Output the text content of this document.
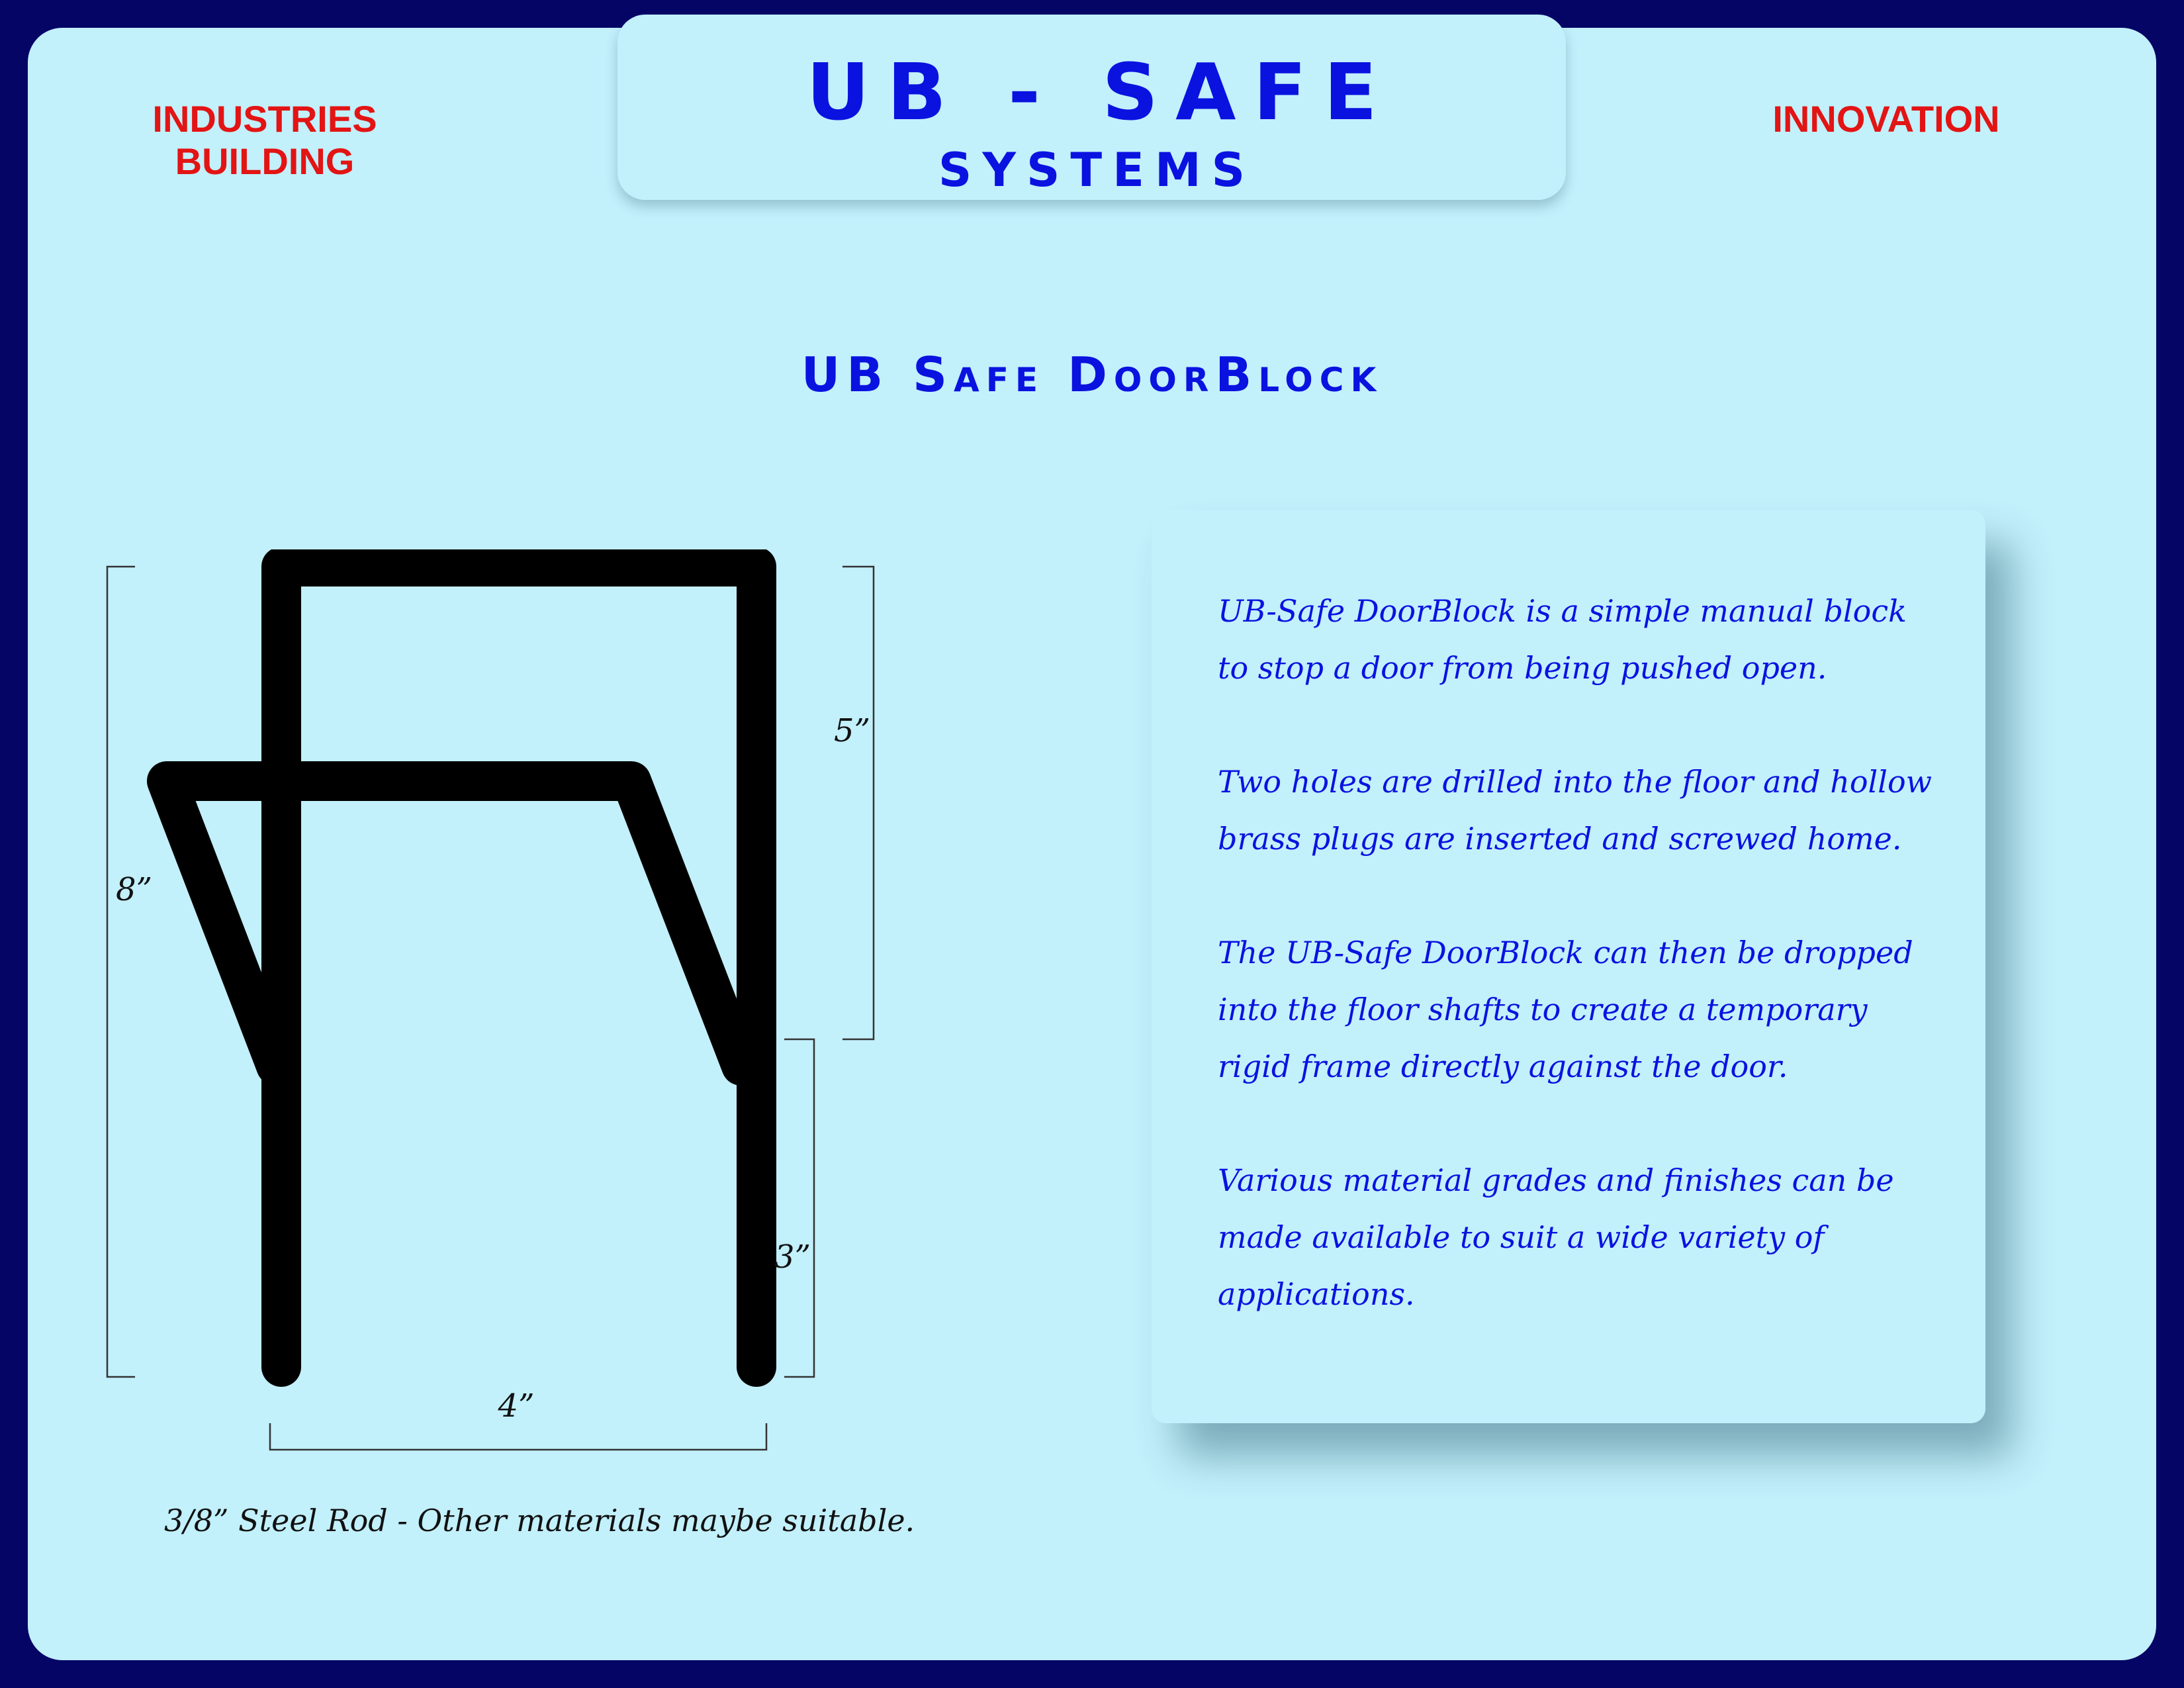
UB - SAFE
SYSTEMS
INDUSTRIES
BUILDING
INNOVATION
UB Safe DoorBlock
8”
5”
3”
4”
3/8” Steel Rod - Other materials maybe suitable.

UB-Safe DoorBlock is a simple manual block to stop a door from being pushed open.

Two holes are drilled into the floor and hollow brass plugs are inserted and screwed home.

The UB-Safe DoorBlock can then be dropped into the floor shafts to create a temporary rigid frame directly against the door.

Various material grades and finishes can be made available to suit a wide variety of applications.
